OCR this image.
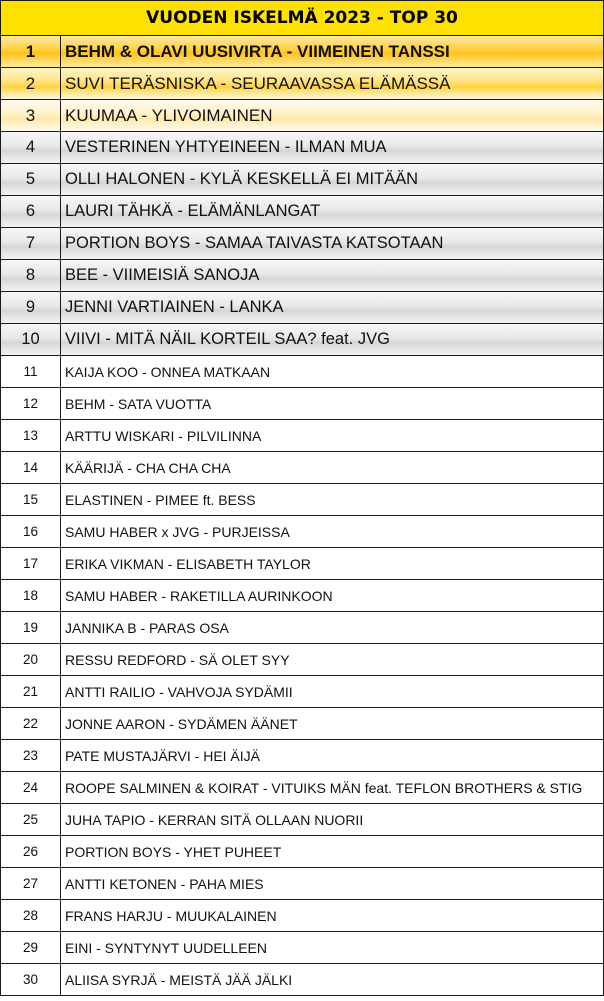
VUODEN ISKELMÄ 2023 - TOP 30
1	BEHM & OLAVI UUSIVIRTA - VIIMEINEN TANSSI
2	SUVI TERÄSNISKA - SEURAAVASSA ELÄMÄSSÄ
3	KUUMAA - YLIVOIMAINEN
4	VESTERINEN YHTYEINEEN - ILMAN MUA
5	OLLI HALONEN - KYLÄ KESKELLÄ EI MITÄÄN
6	LAURI TÄHKÄ - ELÄMÄNLANGAT
7	PORTION BOYS - SAMAA TAIVASTA KATSOTAAN
8	BEE - VIIMEISIÄ SANOJA
9	JENNI VARTIAINEN - LANKA
10	VIIVI - MITÄ NÄIL KORTEIL SAA? feat. JVG
11	KAIJA KOO - ONNEA MATKAAN
12	BEHM - SATA VUOTTA
13	ARTTU WISKARI - PILVILINNA
14	KÄÄRIJÄ - CHA CHA CHA
15	ELASTINEN - PIMEE ft. BESS
16	SAMU HABER x JVG - PURJEISSA
17	ERIKA VIKMAN - ELISABETH TAYLOR
18	SAMU HABER - RAKETILLA AURINKOON
19	JANNIKA B - PARAS OSA
20	RESSU REDFORD - SÄ OLET SYY
21	ANTTI RAILIO - VAHVOJA SYDÄMII
22	JONNE AARON - SYDÄMEN ÄÄNET
23	PATE MUSTAJÄRVI - HEI ÄIJÄ
24	ROOPE SALMINEN & KOIRAT - VITUIKS MÄN feat. TEFLON BROTHERS & STIG
25	JUHA TAPIO - KERRAN SITÄ OLLAAN NUORII
26	PORTION BOYS - YHET PUHEET
27	ANTTI KETONEN - PAHA MIES
28	FRANS HARJU - MUUKALAINEN
29	EINI - SYNTYNYT UUDELLEEN
30	ALIISA SYRJÄ - MEISTÄ JÄÄ JÄLKI
